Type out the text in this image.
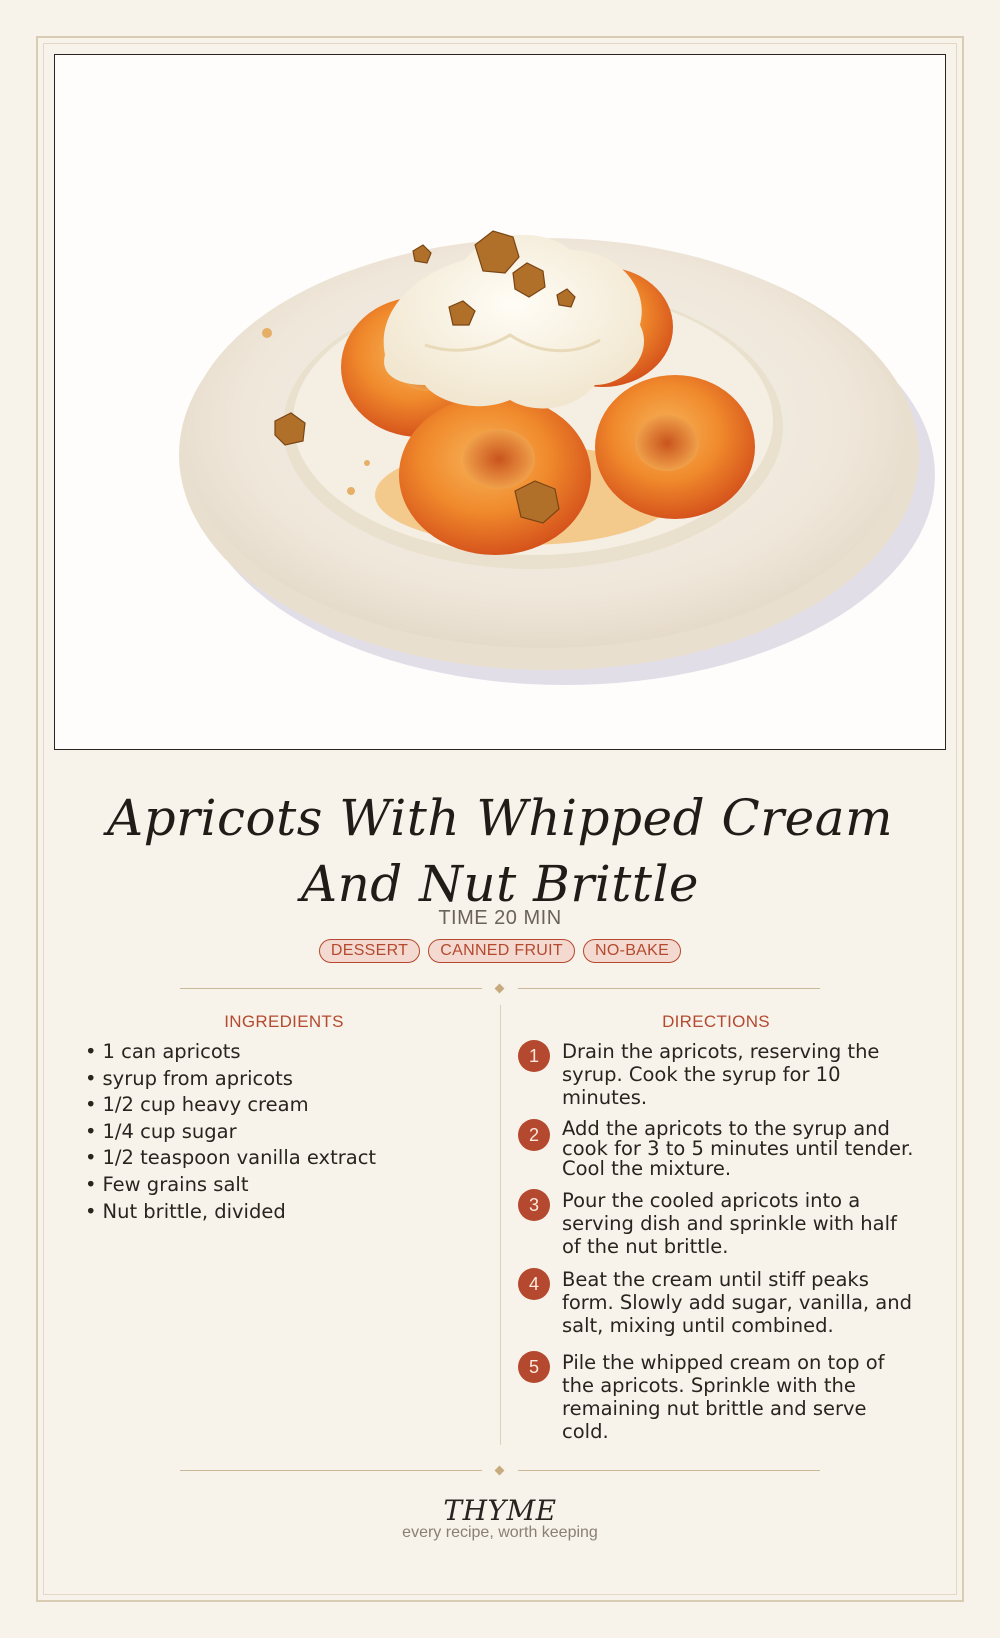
Apricots With Whipped Cream And Nut Brittle
TIME 20 MIN
DESSERT	CANNED FRUIT	NO-BAKE
INGREDIENTS
• 1 can apricots
• syrup from apricots
• 1/2 cup heavy cream
• 1/4 cup sugar
• 1/2 teaspoon vanilla extract
• Few grains salt
• Nut brittle, divided
DIRECTIONS
1	Drain the apricots, reserving the syrup. Cook the syrup for 10 minutes.
2	Add the apricots to the syrup and cook for 3 to 5 minutes until tender. Cool the mixture.
3	Pour the cooled apricots into a serving dish and sprinkle with half of the nut brittle.
4	Beat the cream until stiff peaks form. Slowly add sugar, vanilla, and salt, mixing until combined.
5	Pile the whipped cream on top of the apricots. Sprinkle with the remaining nut brittle and serve cold.
THYME
every recipe, worth keeping
